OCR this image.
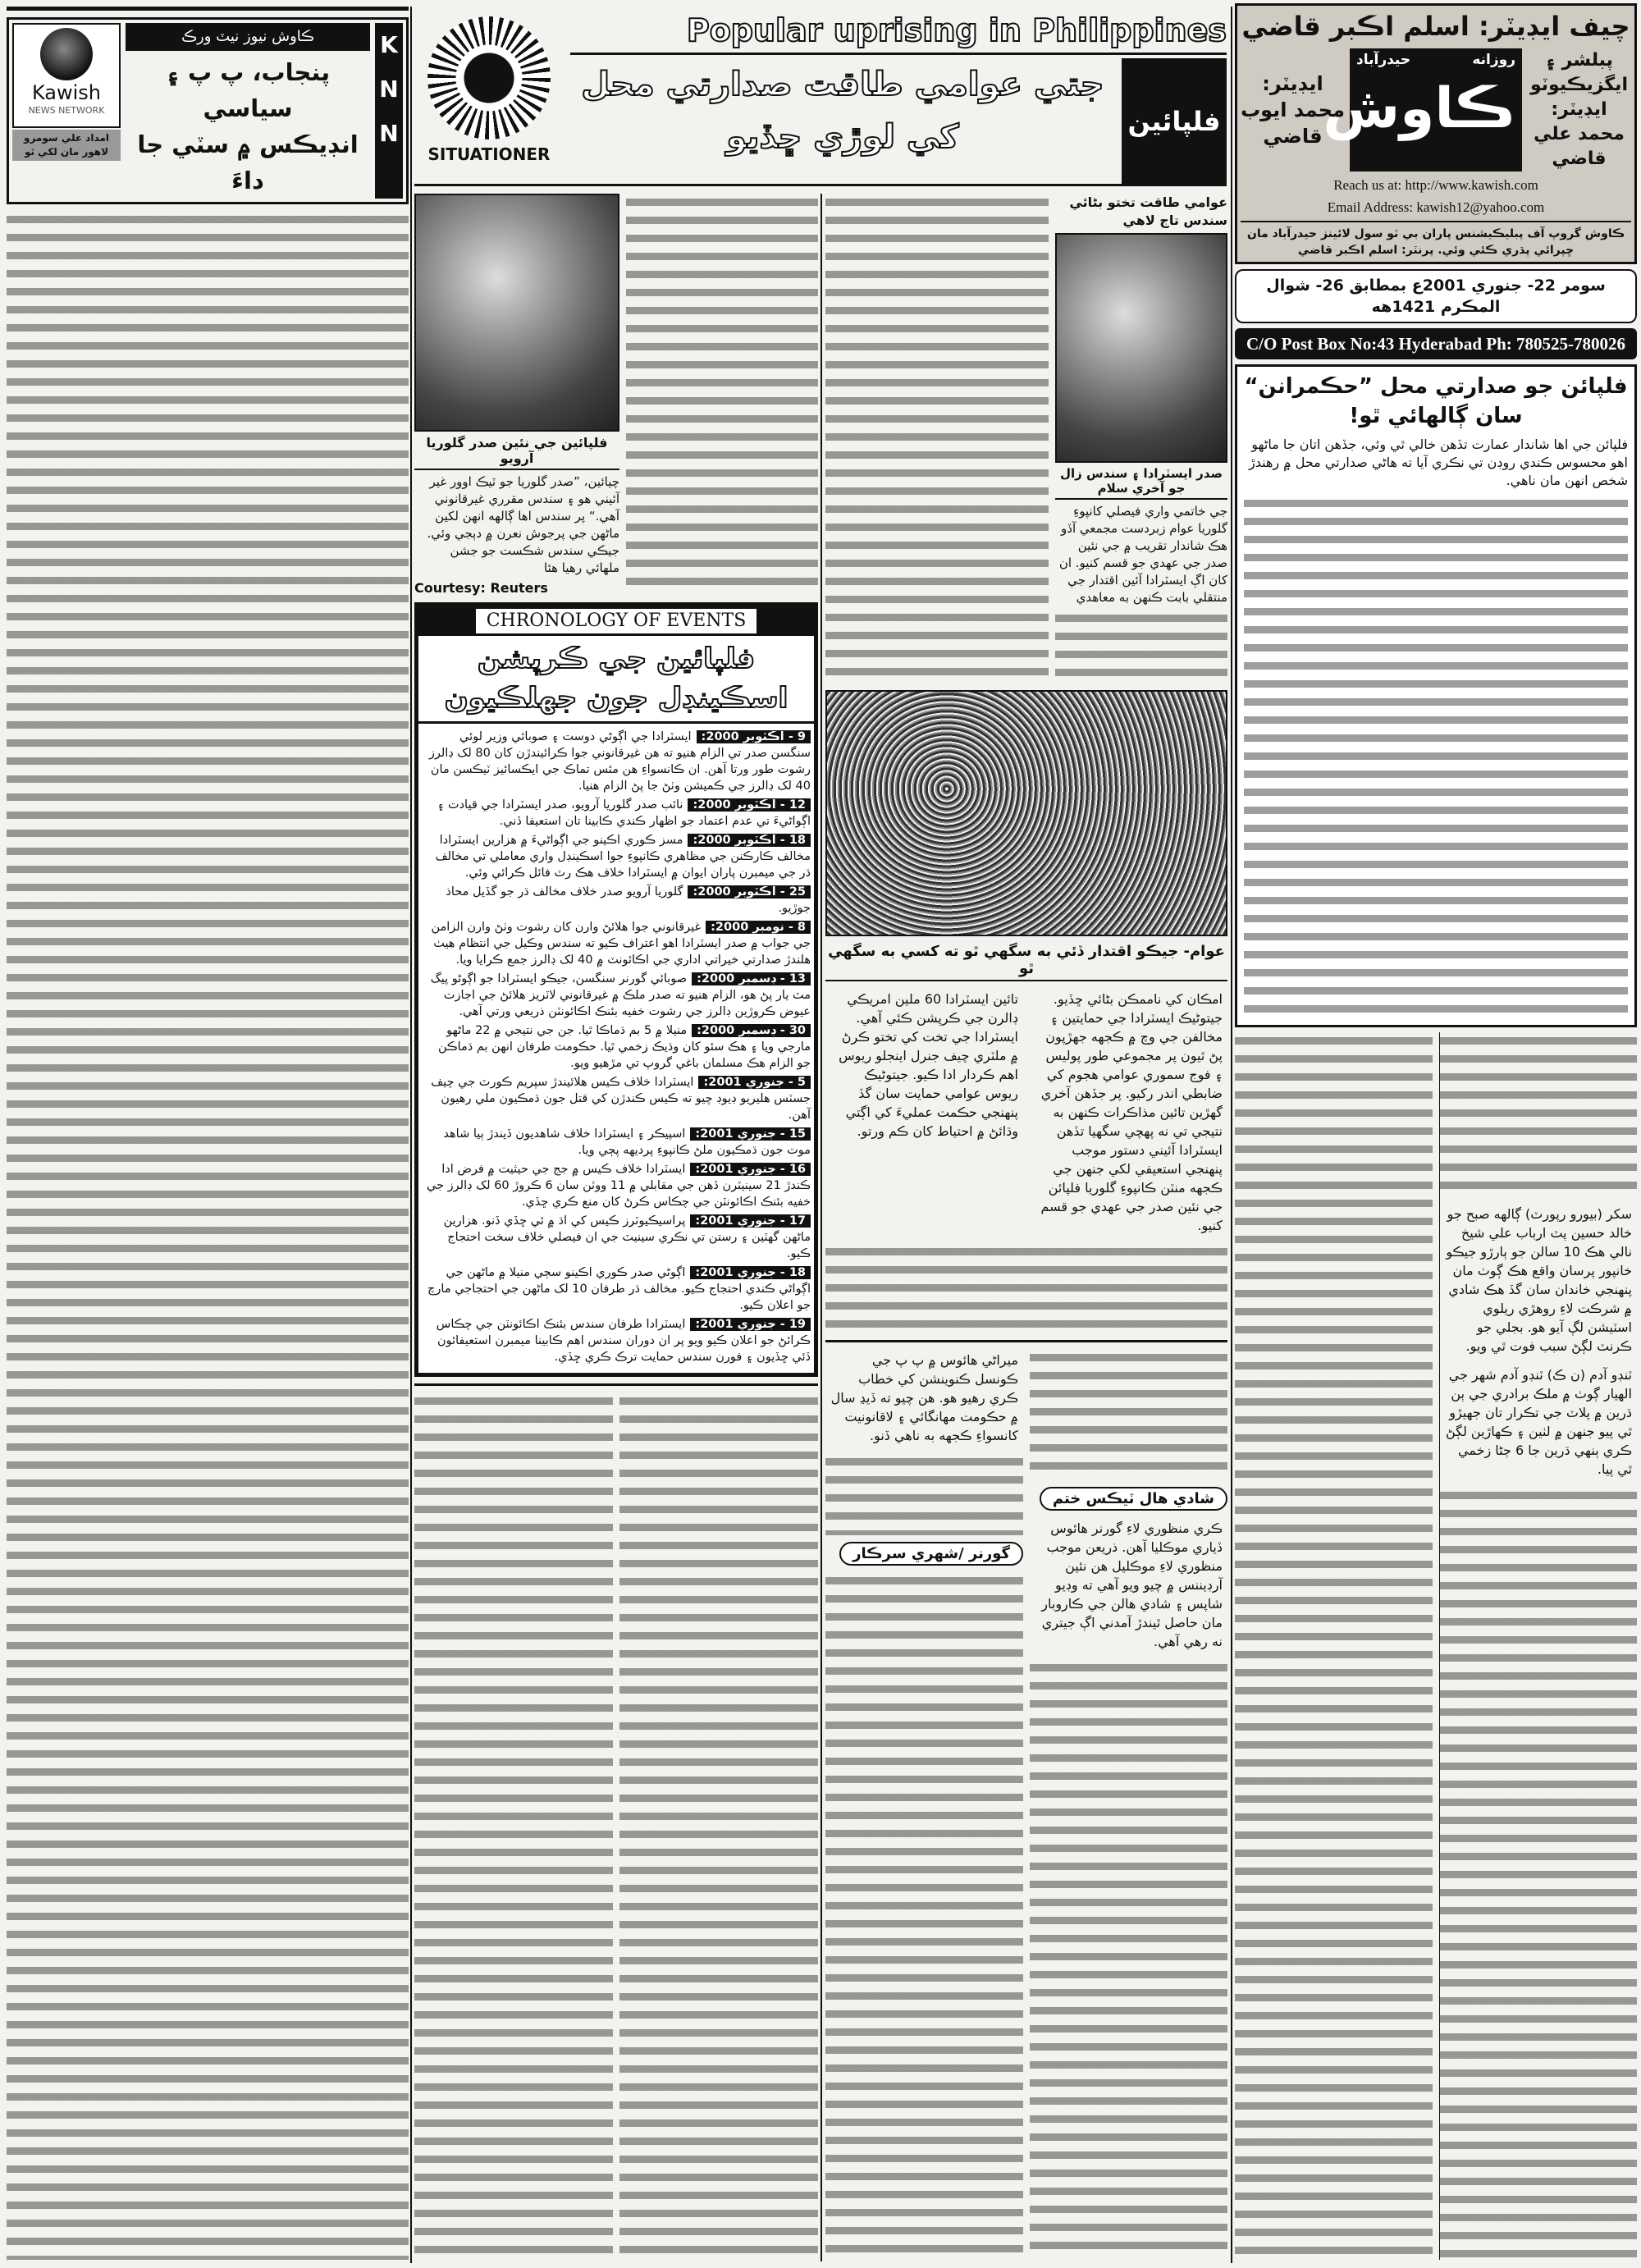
Kawish
NEWS NETWORK
امداد علي سومرو
لاهور مان لکي ٿو
ڪاوش نيوز نيٽ ورڪ
پنجاب، پ پ ۽ سياسي
انڊيڪس ۾ سٽي جا داءَ
K
N
N
SITUATIONER
Popular uprising in Philippines
جتي عوامي طاقت صدارتي محل کي لوڙي ڇڏيو	فلپائين
فلپائين جي نئين صدر گلوريا آرويو
چيائين، ”صدر گلوريا جو ٽيڪ اوور غير آئيني هو ۽ سندس مقرري غيرقانوني آهي.“ پر سندس اها ڳالهه انهن لکين ماڻهن جي پرجوش نعرن ۾ دٻجي وئي. جيڪي سندس شڪست جو جشن ملهائي رهيا هئا
Courtesy: Reuters
CHRONOLOGY OF EVENTS
فلپائين جي ڪرپشن اسڪينڊل جون جهلڪيون
9 - آڪٽوبر 2000:ايسٽرادا جي اڳوڻي دوست ۽ صوبائي وزير لوئي سنگسن صدر تي الزام هنيو ته هن غيرقانوني جوا ڪرائيندڙن کان 80 لک ڊالرز رشوت طور ورتا آهن. ان ڪانسواءِ هن مٿس تماڪ جي ايڪسائيز ٽيڪسن مان 40 لک ڊالرز جي ڪميشن وٺڻ جا پڻ الزام هنيا.
12 - آڪٽوبر 2000:نائب صدر گلوريا آرويو، صدر ايسٽرادا جي قيادت ۽ اڳواڻيءَ تي عدم اعتماد جو اظهار ڪندي ڪابينا تان استعيفا ڏني.
18 - آڪٽوبر 2000:مسز ڪوري اڪينو جي اڳواڻيءَ ۾ هزارين ايسٽرادا مخالف ڪارڪنن جي مظاهري ڪانپوءِ جوا اسڪينڊل واري معاملي تي مخالف ڌر جي ميمبرن پاران ايوان ۾ ايسٽرادا خلاف هڪ رٽ فائل ڪرائي وئي.
25 - آڪٽوبر 2000:گلوريا آرويو صدر خلاف مخالف ڌر جو گڏيل محاذ جوڙيو.
8 - نومبر 2000:غيرقانوني جوا هلائڻ وارن کان رشوت وٺڻ وارن الزامن جي جواب ۾ صدر ايسٽرادا اهو اعتراف ڪيو ته سندس وڪيل جي انتظام هيٺ هلندڙ صدارتي خيراتي اداري جي اڪائونٽ ۾ 40 لک ڊالرز جمع ڪرايا ويا.
13 - ڊسمبر 2000:صوبائي گورنر سنگسن، جيڪو ايسٽرادا جو اڳوڻو پيگ مٽ يار پڻ هو، الزام هنيو ته صدر ملڪ ۾ غيرقانوني لاٽريز هلائڻ جي اجازت عيوض ڪروڙين ڊالرز جي رشوت خفيه بئنڪ اڪائونٽن ذريعي ورتي آهي.
30 - ڊسمبر 2000:منيلا ۾ 5 بم ڌماڪا ٿيا. جن جي نتيجي ۾ 22 ماڻهو مارجي ويا ۽ هڪ سئو کان وڌيڪ زخمي ٿيا. حڪومت طرفان انهن بم ڌماڪن جو الزام هڪ مسلمان باغي گروپ تي مڙهيو ويو.
5 - جنوري 2001:ايسٽرادا خلاف ڪيس هلائيندڙ سپريم ڪورٽ جي چيف جسٽس هليريو ڊيوڊ چيو ته ڪيس ڪندڙن کي قتل جون ڌمڪيون ملي رهيون آهن.
15 - جنوري 2001:اسپيڪر ۽ ايسٽرادا خلاف شاهديون ڏيندڙ ٻيا شاهد موت جون ڌمڪيون ملڻ ڪانپوءِ پرديهه پڄي ويا.
16 - جنوري 2001:ايسٽرادا خلاف ڪيس ۾ جج جي حيثيت ۾ فرض ادا ڪندڙ 21 سينيٽرن ڏهن جي مقابلي ۾ 11 ووٽن سان 6 ڪروڙ 60 لک ڊالرز جي خفيه بئنڪ اڪائونٽن جي چڪاس ڪرڻ کان منع ڪري ڇڏي.
17 - جنوري 2001:پراسيڪيوٽرز ڪيس کي اڌ ۾ ئي ڇڏي ڏنو. هزارين ماڻهن گهٽين ۽ رستن تي نڪري سينيٽ جي ان فيصلي خلاف سخت احتجاج ڪيو.
18 - جنوري 2001:اڳوڻي صدر ڪوري اڪينو سڄي منيلا ۾ ماڻهن جي اڳواڻي ڪندي احتجاج ڪيو. مخالف ڌر طرفان 10 لک ماڻهن جي احتجاجي مارچ جو اعلان ڪيو.
19 - جنوري 2001:ايسٽرادا طرفان سندس بئنڪ اڪائونٽن جي چڪاس ڪرائڻ جو اعلان ڪيو ويو پر ان دوران سندس اهم ڪابينا ميمبرن استعيفائون ڏئي ڇڏيون ۽ فورن سندس حمايت ترڪ ڪري ڇڏي.
عوامي طاقت تختو بڻائي سندس تاج لاهي
صدر ايسٽرادا ۽ سندس زال جو آخري سلام
جي خاتمي واري فيصلي کانپوءِ گلوريا عوام زبردست مجمعي آڏو هڪ شاندار تقريب ۾ جي نئين صدر جي عهدي جو قسم کنيو. ان کان اڳ ايسٽرادا آئين اقتدار جي منتقلي بابت ڪنهن به معاهدي
عوام- جيڪو اقتدار ڏئي به سگهي ٿو ته کسي به سگهي ٿو
تائين ايسٽرادا 60 ملين امريڪي ڊالرن جي ڪرپشن ڪئي آهي. ايسٽرادا جي تخت کي تختو ڪرڻ ۾ ملٽري چيف جنرل اينجلو ريوس اهم ڪردار ادا ڪيو. جيتوڻيڪ ريوس عوامي حمايت سان گڏ پنهنجي حڪمت عمليءَ کي اڳتي وڌائڻ ۾ احتياط کان ڪم ورتو.
امڪان کي ناممڪن بڻائي ڇڏيو. جيتوڻيڪ ايسٽرادا جي حمايتين ۽ مخالفن جي وچ ۾ ڪجهه جهڙپون پڻ ٿيون پر مجموعي طور پوليس ۽ فوج سموري عوامي هجوم کي ضابطي اندر رکيو. پر جڏهن آخري گهڙين تائين مذاڪرات ڪنهن به نتيجي تي نه پهچي سگهيا تڏهن ايسٽرادا آئيني دستور موجب پنهنجي استعيفي لکي جنهن جي ڪجهه منٽن ڪانپوءِ گلوريا فلپائن جي نئين صدر جي عهدي جو قسم کنيو.
ميراڻي هائوس ۾ پ پ جي ڪونسل ڪنوينشن کي خطاب ڪري رهيو هو. هن چيو ته ڏيڍ سال ۾ حڪومت مهانگائي ۽ لاقانونيت کانسواءِ ڪجهه به ناهي ڏنو.
گورنر /شهري سرڪار
شادي هال ٽيڪس ختم
ڪري منظوري لاءِ گورنر هائوس ڏياري موڪليا آهن. ذريعن موجب منظوري لاءِ موڪليل هن نئين آرڊيننس ۾ چيو ويو آهي ته وڊيو شاپس ۽ شادي هالن جي ڪاروبار مان حاصل ٿيندڙ آمدني اڳ جيتري نه رهي آهي.
چيف ايڊيٽر: اسلم اڪبر قاضي
ايڊيٽر:
محمد ايوب قاضي
حيدرآباد	روزانه
ڪاوش
پبلشر ۽ ايگزيڪيوٽو
ايڊيٽر:
محمد علي قاضي
Reach us at: http://www.kawish.com
Email Address: kawish12@yahoo.com
ڪاوش گروپ آف پبليڪيشنس پاران بي ٽو سول لائينز حيدرآباد مان ڇپرائي پڌري ڪئي وئي. پرنٽر: اسلم اڪبر قاضي
سومر 22- جنوري 2001ع بمطابق 26- شوال المڪرم 1421هه
C/O Post Box No:43 Hyderabad Ph: 780525-780026
فلپائن جو صدارتي محل ”حڪمرانن“ سان ڳالهائي ٿو!
فلپائن جي اها شاندار عمارت تڏهن خالي ٿي وئي، جڏهن اتان جا ماڻهو اهو محسوس ڪندي روڊن تي نڪري آيا ته هاڻي صدارتي محل ۾ رهندڙ شخص انهن مان ناهي.
سکر (بيورو رپورٽ) ڳالهه صبح جو خالد حسين پٽ ارباب علي شيخ نالي هڪ 10 سالن جو ٻارڙو جيڪو خانپور پرسان واقع هڪ ڳوٺ مان پنهنجي خاندان سان گڏ هڪ شادي ۾ شرڪت لاءِ روهڙي ريلوي اسٽيشن لڳ آيو هو. بجلي جو ڪرنٽ لڳڻ سبب فوت ٿي ويو.
ٽنڊو آدم (ن ڪ) ٽنڊو آدم شهر جي الهيار ڳوٺ ۾ ملڪ برادري جي ٻن ڌرين ۾ پلاٽ جي تڪرار تان جهيڙو ٿي پيو جنهن ۾ لٺين ۽ ڪهاڙين لڳڻ ڪري ٻنهي ڌرين جا 6 ڄڻا زخمي ٿي پيا.
